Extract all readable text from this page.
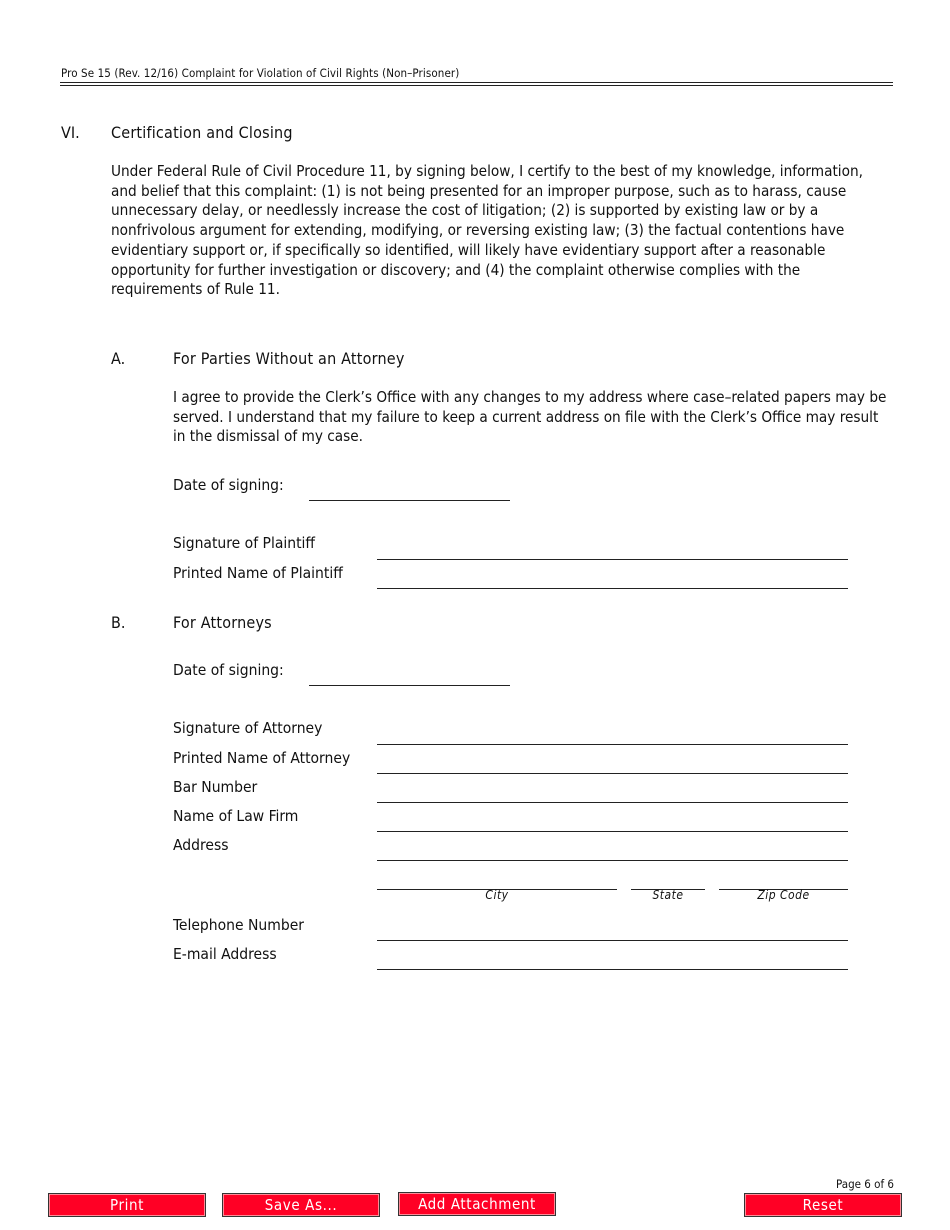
Pro Se 15 (Rev. 12/16) Complaint for Violation of Civil Rights (Non–Prisoner)
VI. Certification and Closing
Under Federal Rule of Civil Procedure 11, by signing below, I certify to the best of my knowledge, information, and belief that this complaint: (1) is not being presented for an improper purpose, such as to harass, cause unnecessary delay, or needlessly increase the cost of litigation; (2) is supported by existing law or by a nonfrivolous argument for extending, modifying, or reversing existing law; (3) the factual contentions have evidentiary support or, if specifically so identified, will likely have evidentiary support after a reasonable opportunity for further investigation or discovery; and (4) the complaint otherwise complies with the requirements of Rule 11.
A.	For Parties Without an Attorney
I agree to provide the Clerk’s Office with any changes to my address where case–related papers may be served. I understand that my failure to keep a current address on file with the Clerk’s Office may result in the dismissal of my case.
Date of signing:
Signature of Plaintiff
Printed Name of Plaintiff
B.	For Attorneys
Date of signing:
Signature of Attorney
Printed Name of Attorney
Bar Number
Name of Law Firm
Address
City	State	Zip Code
Telephone Number
E-mail Address
Page 6 of 6
Print	Save As...	Add Attachment	Reset
